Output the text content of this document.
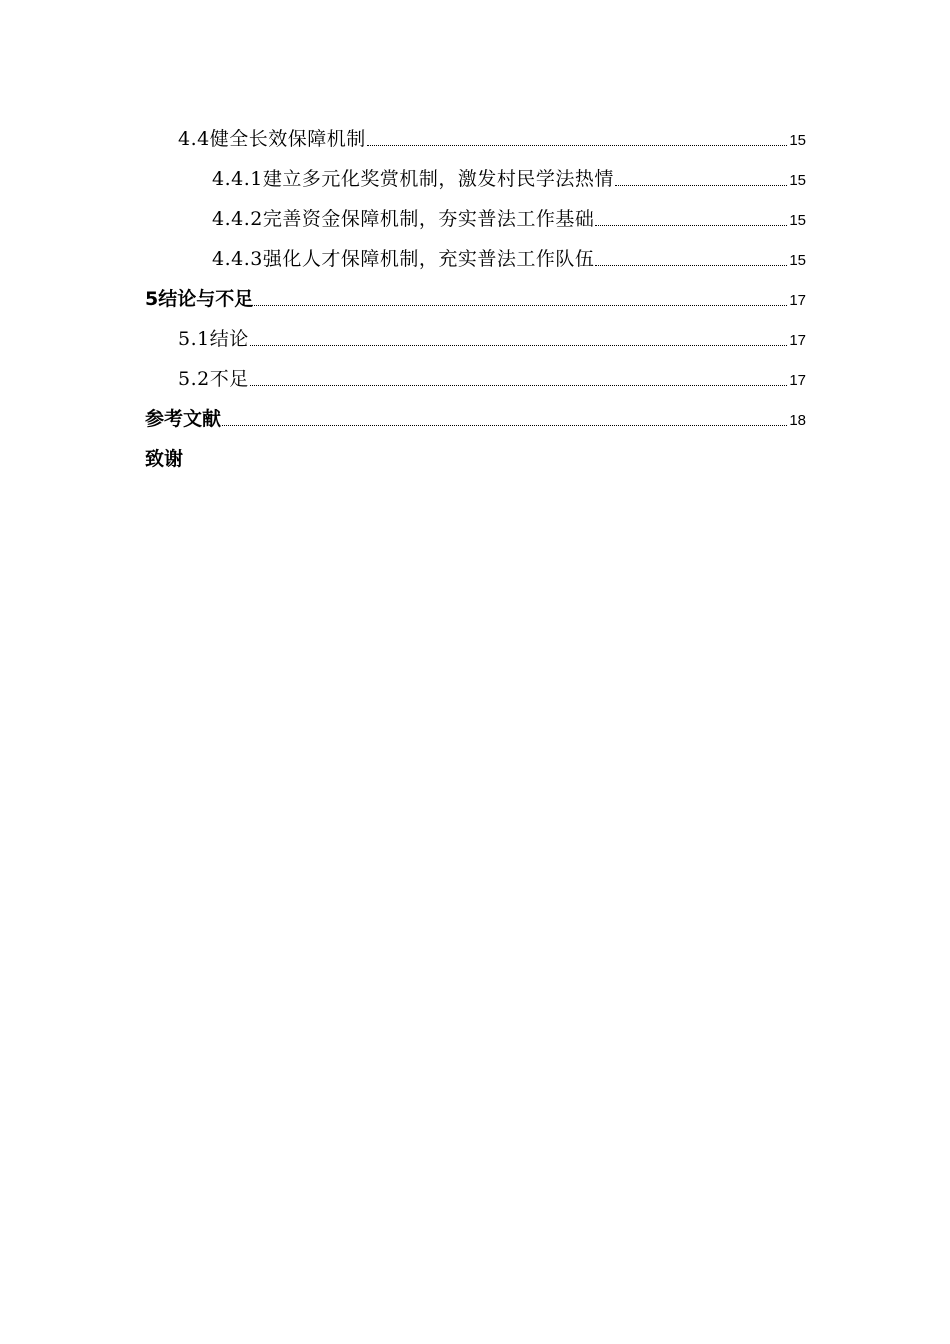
4.4健全长效保障机制	15
4.4.1建立多元化奖赏机制，激发村民学法热情	15
4.4.2完善资金保障机制，夯实普法工作基础	15
4.4.3强化人才保障机制，充实普法工作队伍	15
5结论与不足	17
5.1结论	17
5.2不足	17
参考文献	18
致谢
